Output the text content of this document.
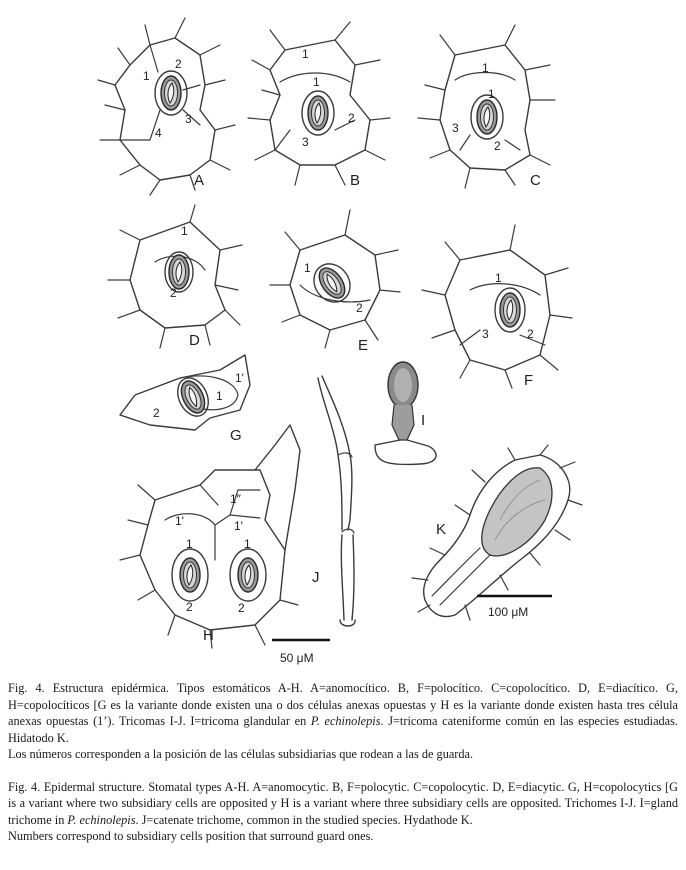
1
2
3
4
A
1
1
2
3
B
1
1
3
2
C
1
2
D
1
2
E
1
3	2
F
1'
1
2
G
1″
1'	1'
1	1
2	2
H
I
J
50 μM
K
100 μM

Fig. 4. Estructura epidérmica. Tipos estomáticos A-H. A=anomocítico. B, F=polocítico. C=copolocítico. D, E=diacítico. G, H=copolocíticos [G es la variante donde existen una o dos células anexas opuestas y H es la variante donde existen hasta tres célula anexas opuestas (1’). Tricomas I-J. I=tricoma glandular en P. echinolepis. J=tricoma cateniforme común en las especies estudiadas. Hidatodo K.

Los números corresponden a la posición de las células subsidiarias que rodean a las de guarda.

Fig. 4. Epidermal structure. Stomatal types A-H. A=anomocytic. B, F=polocytic. C=copolocytic. D, E=diacytic. G, H=copolocytics [G is a variant where two subsidiary cells are opposited y H is a variant where three subsidiary cells are opposited. Trichomes I-J. I=gland trichome in P. echinolepis. J=catenate trichome, common in the studied species. Hydathode K.

Numbers correspond to subsidiary cells position that surround guard ones.
